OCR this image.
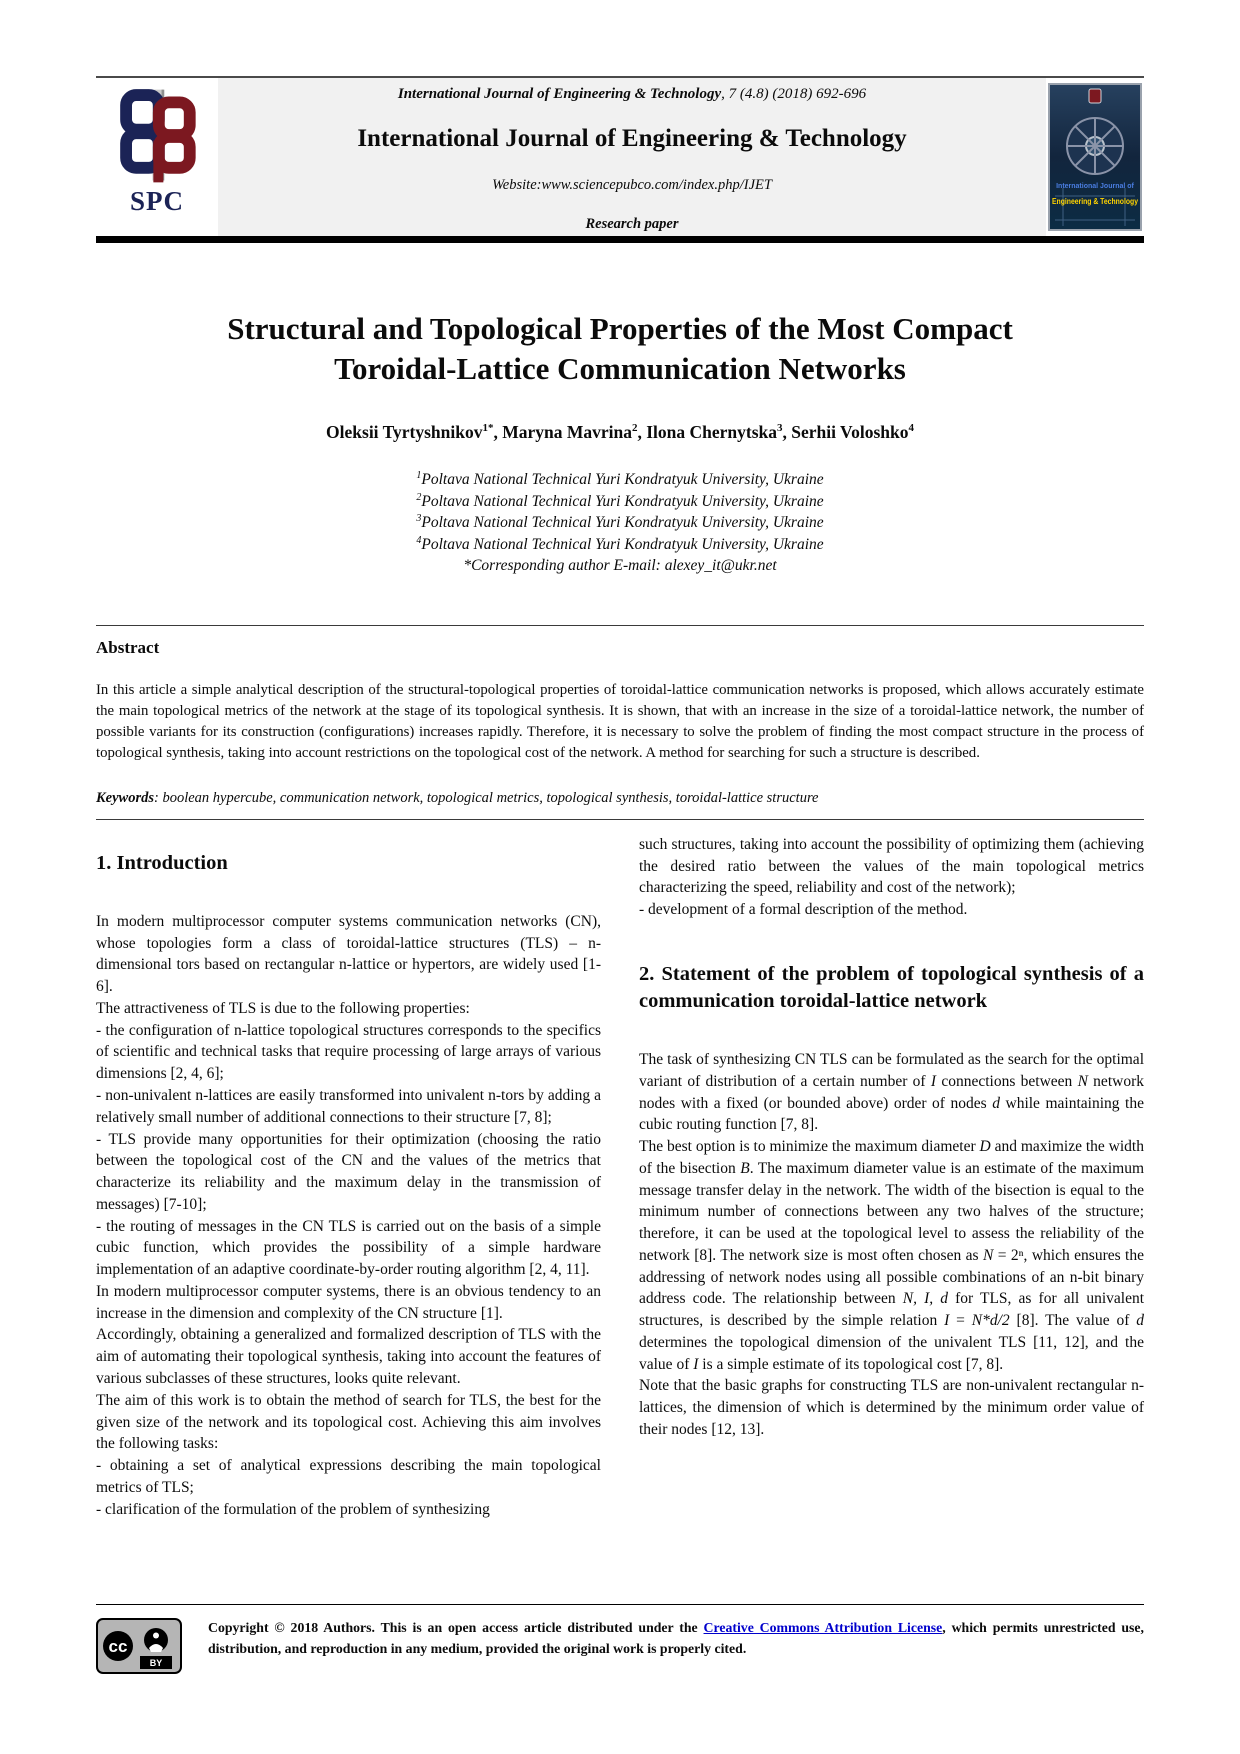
SPC
International Journal of Engineering & Technology, 7 (4.8) (2018) 692-696
International Journal of Engineering & Technology
Website:www.sciencepubco.com/index.php/IJET
Research paper
International Journal of
Engineering & Technology
Structural and Topological Properties of the Most Compact
Toroidal-Lattice Communication Networks
Oleksii Tyrtyshnikov$^{1*}$, Maryna Mavrina$^2$, Ilona Chernytska$^3$, Serhii Voloshko$^4$
$^1$Poltava National Technical Yuri Kondratyuk University, Ukraine
$^2$Poltava National Technical Yuri Kondratyuk University, Ukraine
$^3$Poltava National Technical Yuri Kondratyuk University, Ukraine
$^4$Poltava National Technical Yuri Kondratyuk University, Ukraine
*Corresponding author E-mail: alexey_it@ukr.net
Abstract

In this article a simple analytical description of the structural-topological properties of toroidal-lattice communication networks is proposed, which allows accurately estimate the main topological metrics of the network at the stage of its topological synthesis. It is shown, that with an increase in the size of a toroidal-lattice network, the number of possible variants for its construction (configurations) increases rapidly. Therefore, it is necessary to solve the problem of finding the most compact structure in the process of topological synthesis, taking into account restrictions on the topological cost of the network. A method for searching for such a structure is described.

Keywords: boolean hypercube, communication network, topological metrics, topological synthesis, toroidal-lattice structure

1. Introduction

In modern multiprocessor computer systems communication networks (CN), whose topologies form a class of toroidal-lattice structures (TLS) – n-dimensional tors based on rectangular n-lattice or hypertors, are widely used [1-6].

The attractiveness of TLS is due to the following properties:

- the configuration of n-lattice topological structures corresponds to the specifics of scientific and technical tasks that require processing of large arrays of various dimensions [2, 4, 6];

- non-univalent n-lattices are easily transformed into univalent n-tors by adding a relatively small number of additional connections to their structure [7, 8];

- TLS provide many opportunities for their optimization (choosing the ratio between the topological cost of the CN and the values of the metrics that characterize its reliability and the maximum delay in the transmission of messages) [7-10];

- the routing of messages in the CN TLS is carried out on the basis of a simple cubic function, which provides the possibility of a simple hardware implementation of an adaptive coordinate-by-order routing algorithm [2, 4, 11].

In modern multiprocessor computer systems, there is an obvious tendency to an increase in the dimension and complexity of the CN structure [1].

Accordingly, obtaining a generalized and formalized description of TLS with the aim of automating their topological synthesis, taking into account the features of various subclasses of these structures, looks quite relevant.

The aim of this work is to obtain the method of search for TLS, the best for the given size of the network and its topological cost. Achieving this aim involves the following tasks:

- obtaining a set of analytical expressions describing the main topological metrics of TLS;

- clarification of the formulation of the problem of synthesizing

such structures, taking into account the possibility of optimizing them (achieving the desired ratio between the values of the main topological metrics characterizing the speed, reliability and cost of the network);

- development of a formal description of the method.

2. Statement of the problem of topological synthesis of a communication toroidal-lattice network

The task of synthesizing CN TLS can be formulated as the search for the optimal variant of distribution of a certain number of I connections between N network nodes with a fixed (or bounded above) order of nodes d while maintaining the cubic routing function [7, 8].

The best option is to minimize the maximum diameter D and maximize the width of the bisection B. The maximum diameter value is an estimate of the maximum message transfer delay in the network. The width of the bisection is equal to the minimum number of connections between any two halves of the structure; therefore, it can be used at the topological level to assess the reliability of the network [8]. The network size is most often chosen as N = 2ⁿ, which ensures the addressing of network nodes using all possible combinations of an n-bit binary address code. The relationship between N, I, d for TLS, as for all univalent structures, is described by the simple relation I = N*d/2 [8]. The value of d determines the topological dimension of the univalent TLS [11, 12], and the value of I is a simple estimate of its topological cost [7, 8].

Note that the basic graphs for constructing TLS are non-univalent rectangular n-lattices, the dimension of which is determined by the minimum order value of their nodes [12, 13].

cc
BY

Copyright © 2018 Authors. This is an open access article distributed under the Creative Commons Attribution License, which permits unrestricted use, distribution, and reproduction in any medium, provided the original work is properly cited.
